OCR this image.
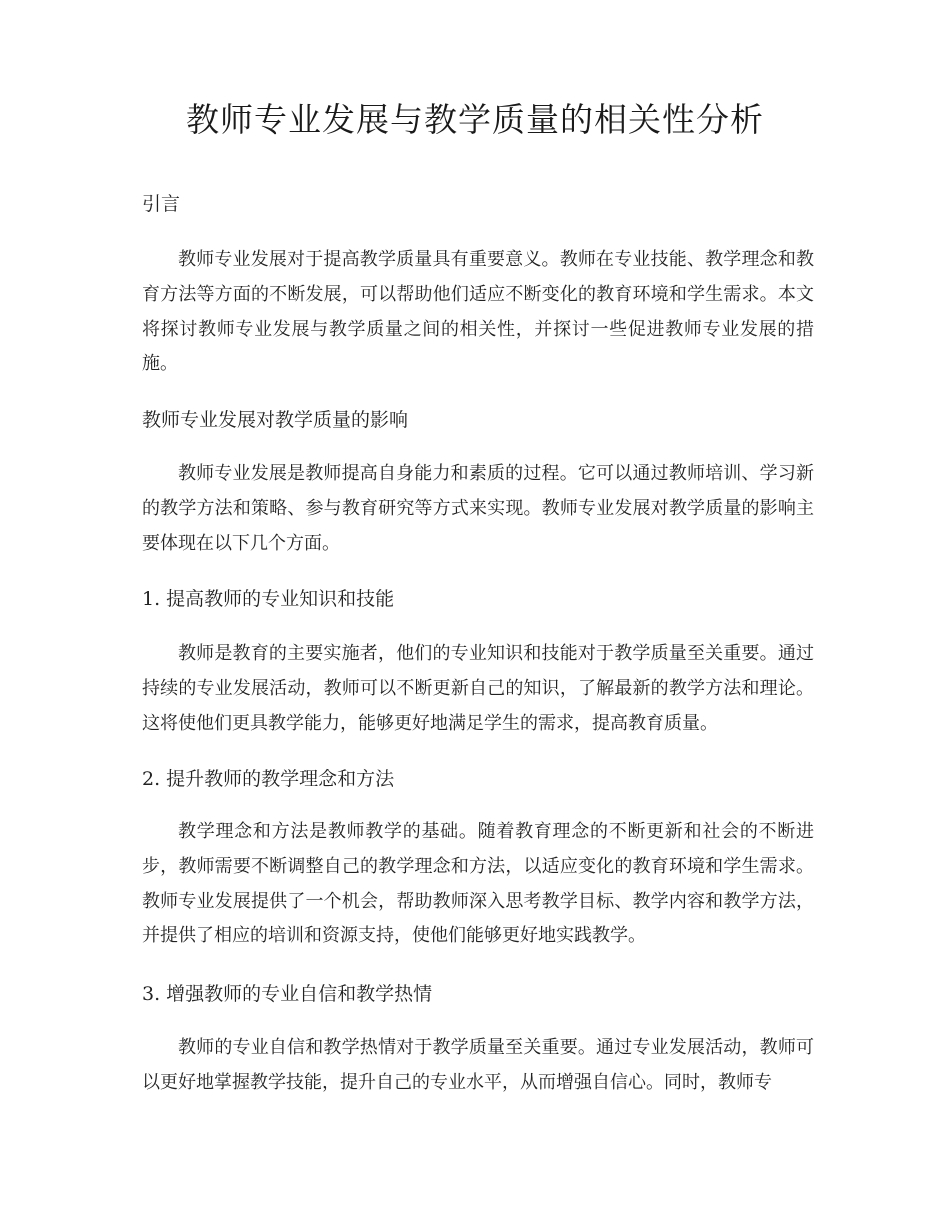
教师专业发展与教学质量的相关性分析
引言

教师专业发展对于提高教学质量具有重要意义。教师在专业技能、教学理念和教育方法等方面的不断发展，可以帮助他们适应不断变化的教育环境和学生需求。本文将探讨教师专业发展与教学质量之间的相关性，并探讨一些促进教师专业发展的措施。

教师专业发展对教学质量的影响

教师专业发展是教师提高自身能力和素质的过程。它可以通过教师培训、学习新的教学方法和策略、参与教育研究等方式来实现。教师专业发展对教学质量的影响主要体现在以下几个方面。

1. 提高教师的专业知识和技能

教师是教育的主要实施者，他们的专业知识和技能对于教学质量至关重要。通过持续的专业发展活动，教师可以不断更新自己的知识，了解最新的教学方法和理论。这将使他们更具教学能力，能够更好地满足学生的需求，提高教育质量。

2. 提升教师的教学理念和方法

教学理念和方法是教师教学的基础。随着教育理念的不断更新和社会的不断进步，教师需要不断调整自己的教学理念和方法，以适应变化的教育环境和学生需求。教师专业发展提供了一个机会，帮助教师深入思考教学目标、教学内容和教学方法，并提供了相应的培训和资源支持，使他们能够更好地实践教学。

3. 增强教师的专业自信和教学热情

教师的专业自信和教学热情对于教学质量至关重要。通过专业发展活动，教师可以更好地掌握教学技能，提升自己的专业水平，从而增强自信心。同时，教师专
